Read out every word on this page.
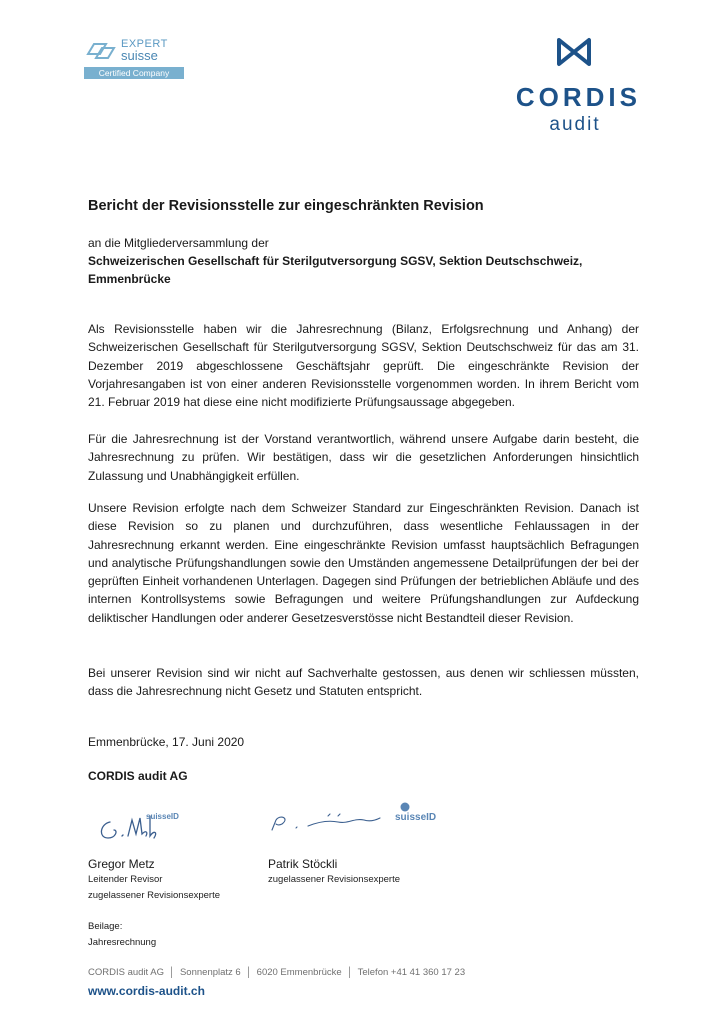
EXPERT
suisse
Certified Company
CORDIS
audit
Bericht der Revisionsstelle zur eingeschränkten Revision
an die Mitgliederversammlung der
Schweizerischen Gesellschaft für Sterilgutversorgung SGSV, Sektion Deutschschweiz,
Emmenbrücke
Als Revisionsstelle haben wir die Jahresrechnung (Bilanz, Erfolgsrechnung und Anhang) der Schweizerischen Gesellschaft für Sterilgutversorgung SGSV, Sektion Deutschschweiz für das am 31. Dezember 2019 abgeschlossene Geschäftsjahr geprüft. Die eingeschränkte Revision der Vorjahresangaben ist von einer anderen Revisionsstelle vorgenommen worden. In ihrem Bericht vom 21. Februar 2019 hat diese eine nicht modifizierte Prüfungsaussage abgegeben.
Für die Jahresrechnung ist der Vorstand verantwortlich, während unsere Aufgabe darin besteht, die Jahresrechnung zu prüfen. Wir bestätigen, dass wir die gesetzlichen Anforderungen hinsichtlich Zulassung und Unabhängigkeit erfüllen.
Unsere Revision erfolgte nach dem Schweizer Standard zur Eingeschränkten Revision. Danach ist diese Revision so zu planen und durchzuführen, dass wesentliche Fehlaussagen in der Jahresrechnung erkannt werden. Eine eingeschränkte Revision umfasst hauptsächlich Befragungen und analytische Prüfungshandlungen sowie den Umständen angemessene Detailprüfungen der bei der geprüften Einheit vorhandenen Unterlagen. Dagegen sind Prüfungen der betrieblichen Abläufe und des internen Kontrollsystems sowie Befragungen und weitere Prüfungshandlungen zur Aufdeckung deliktischer Handlungen oder anderer Gesetzesverstösse nicht Bestandteil dieser Revision.
Bei unserer Revision sind wir nicht auf Sachverhalte gestossen, aus denen wir schliessen müssten, dass die Jahresrechnung nicht Gesetz und Statuten entspricht.
Emmenbrücke, 17. Juni 2020
CORDIS audit AG
suisseID	suisseID
Gregor Metz
Leitender Revisor
zugelassener Revisionsexperte
Patrik Stöckli
zugelassener Revisionsexperte
Beilage:
Jahresrechnung
CORDIS audit AG │ Sonnenplatz 6 │ 6020 Emmenbrücke │ Telefon +41 41 360 17 23
www.cordis-audit.ch
